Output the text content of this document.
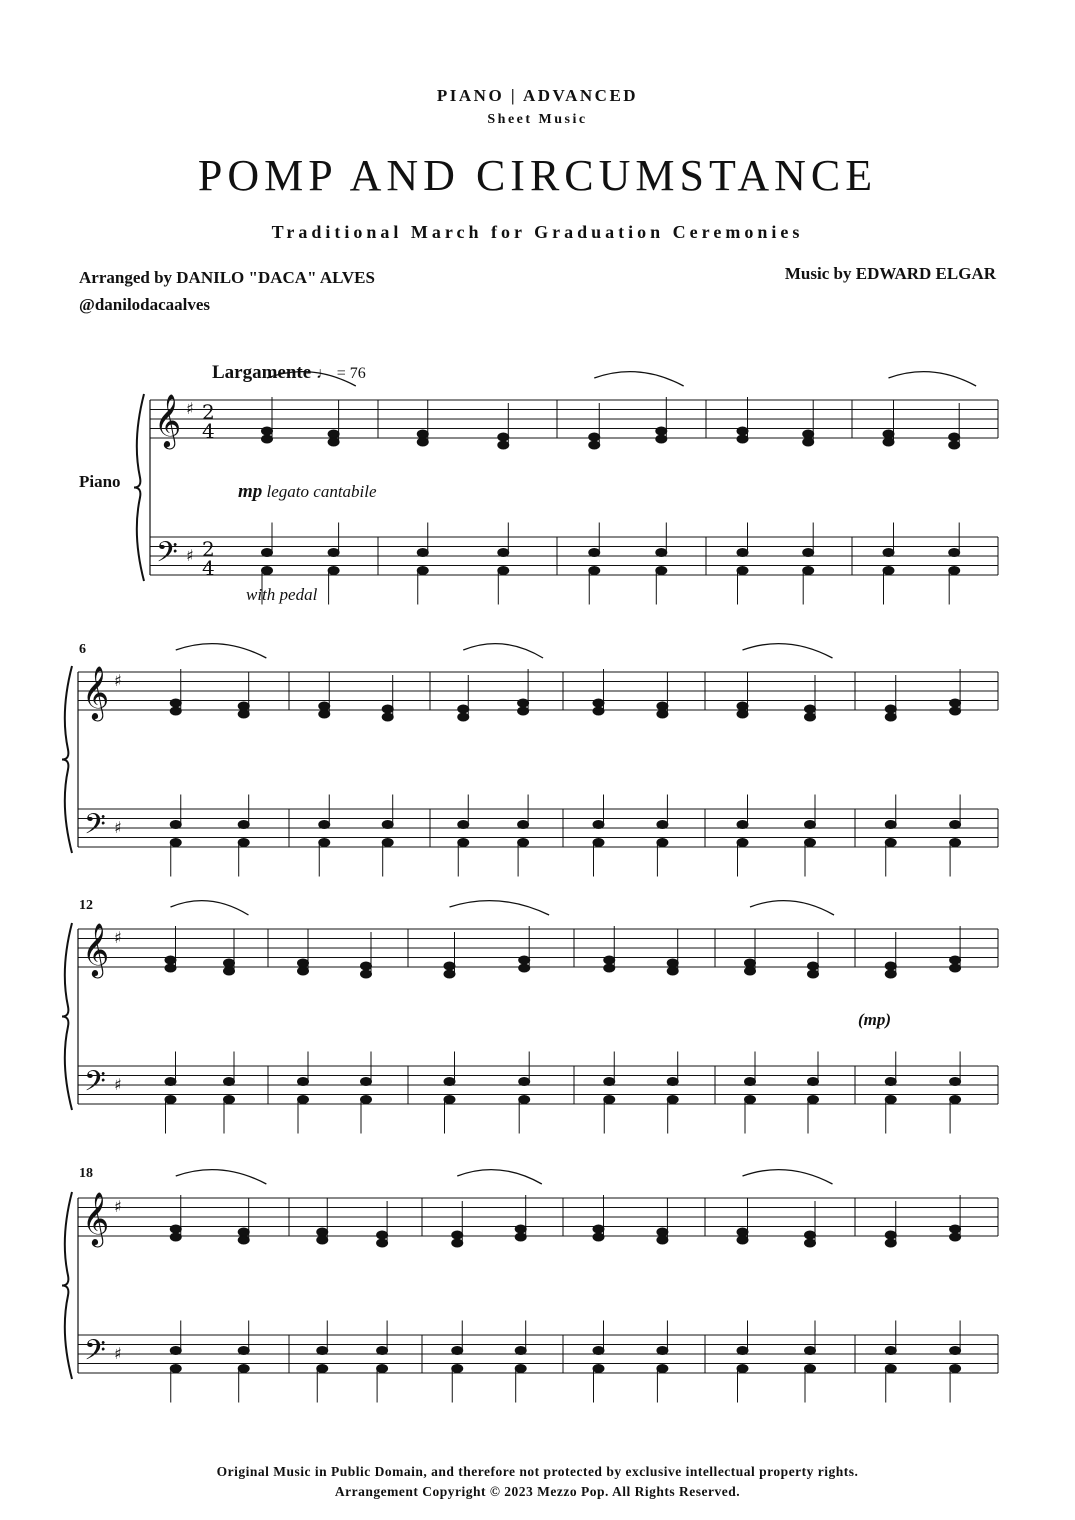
PIANO | ADVANCED
Sheet Music
POMP AND CIRCUMSTANCE
Traditional March for Graduation Ceremonies
Arranged by DANILO "DACA" ALVES
@danilodacaalves
Music by EDWARD ELGAR
Largamente ♩ = 76
Piano	mp legato cantabile
with pedal
(mp)
6
12
18
𝄞
𝄢
♯
♯
2
4
2
4
𝄞
𝄢
♯
♯
𝄞
𝄢
♯
♯
𝄞
𝄢
♯
♯
Original Music in Public Domain, and therefore not protected by exclusive intellectual property rights.
Arrangement Copyright © 2023 Mezzo Pop. All Rights Reserved.
